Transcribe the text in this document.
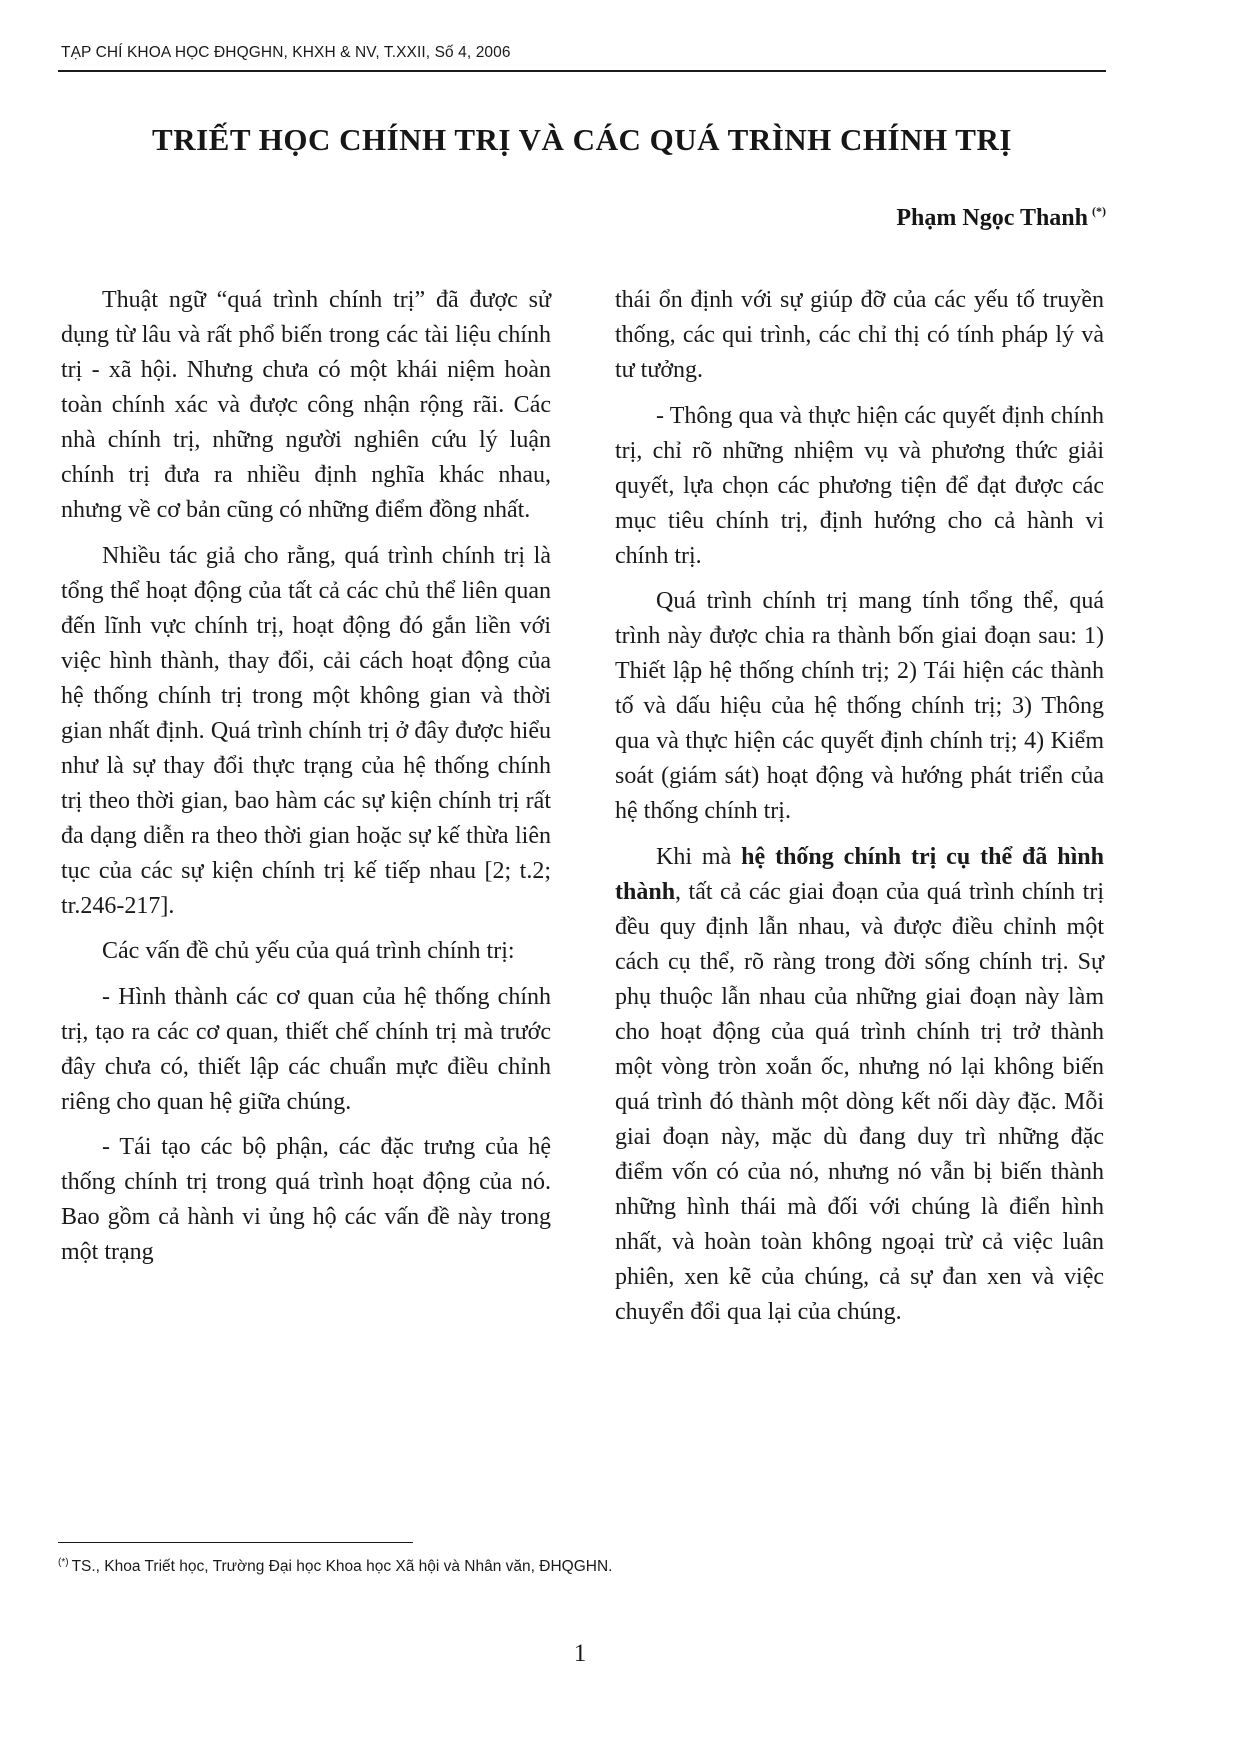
TẠP CHÍ KHOA HỌC ĐHQGHN, KHXH & NV, T.XXII, Số 4, 2006
TRIẾT HỌC CHÍNH TRỊ VÀ CÁC QUÁ TRÌNH CHÍNH TRỊ
Phạm Ngọc Thanh (*)

Thuật ngữ “quá trình chính trị” đã được sử dụng từ lâu và rất phổ biến trong các tài liệu chính trị - xã hội. Nhưng chưa có một khái niệm hoàn toàn chính xác và được công nhận rộng rãi. Các nhà chính trị, những người nghiên cứu lý luận chính trị đưa ra nhiều định nghĩa khác nhau, nhưng về cơ bản cũng có những điểm đồng nhất.

Nhiều tác giả cho rằng, quá trình chính trị là tổng thể hoạt động của tất cả các chủ thể liên quan đến lĩnh vực chính trị, hoạt động đó gắn liền với việc hình thành, thay đổi, cải cách hoạt động của hệ thống chính trị trong một không gian và thời gian nhất định. Quá trình chính trị ở đây được hiểu như là sự thay đổi thực trạng của hệ thống chính trị theo thời gian, bao hàm các sự kiện chính trị rất đa dạng diễn ra theo thời gian hoặc sự kế thừa liên tục của các sự kiện chính trị kế tiếp nhau [2; t.2; tr.246-217].

Các vấn đề chủ yếu của quá trình chính trị:

- Hình thành các cơ quan của hệ thống chính trị, tạo ra các cơ quan, thiết chế chính trị mà trước đây chưa có, thiết lập các chuẩn mực điều chỉnh riêng cho quan hệ giữa chúng.

- Tái tạo các bộ phận, các đặc trưng của hệ thống chính trị trong quá trình hoạt động của nó. Bao gồm cả hành vi ủng hộ các vấn đề này trong một trạng

thái ổn định với sự giúp đỡ của các yếu tố truyền thống, các qui trình, các chỉ thị có tính pháp lý và tư tưởng.

- Thông qua và thực hiện các quyết định chính trị, chỉ rõ những nhiệm vụ và phương thức giải quyết, lựa chọn các phương tiện để đạt được các mục tiêu chính trị, định hướng cho cả hành vi chính trị.

Quá trình chính trị mang tính tổng thể, quá trình này được chia ra thành bốn giai đoạn sau: 1) Thiết lập hệ thống chính trị; 2) Tái hiện các thành tố và dấu hiệu của hệ thống chính trị; 3) Thông qua và thực hiện các quyết định chính trị; 4) Kiểm soát (giám sát) hoạt động và hướng phát triển của hệ thống chính trị.

Khi mà hệ thống chính trị cụ thể đã hình thành, tất cả các giai đoạn của quá trình chính trị đều quy định lẫn nhau, và được điều chỉnh một cách cụ thể, rõ ràng trong đời sống chính trị. Sự phụ thuộc lẫn nhau của những giai đoạn này làm cho hoạt động của quá trình chính trị trở thành một vòng tròn xoắn ốc, nhưng nó lại không biến quá trình đó thành một dòng kết nối dày đặc. Mỗi giai đoạn này, mặc dù đang duy trì những đặc điểm vốn có của nó, nhưng nó vẫn bị biến thành những hình thái mà đối với chúng là điển hình nhất, và hoàn toàn không ngoại trừ cả việc luân phiên, xen kẽ của chúng, cả sự đan xen và việc chuyển đổi qua lại của chúng.

(*) TS., Khoa Triết học, Trường Đại học Khoa học Xã hội và Nhân văn, ĐHQGHN.
1
